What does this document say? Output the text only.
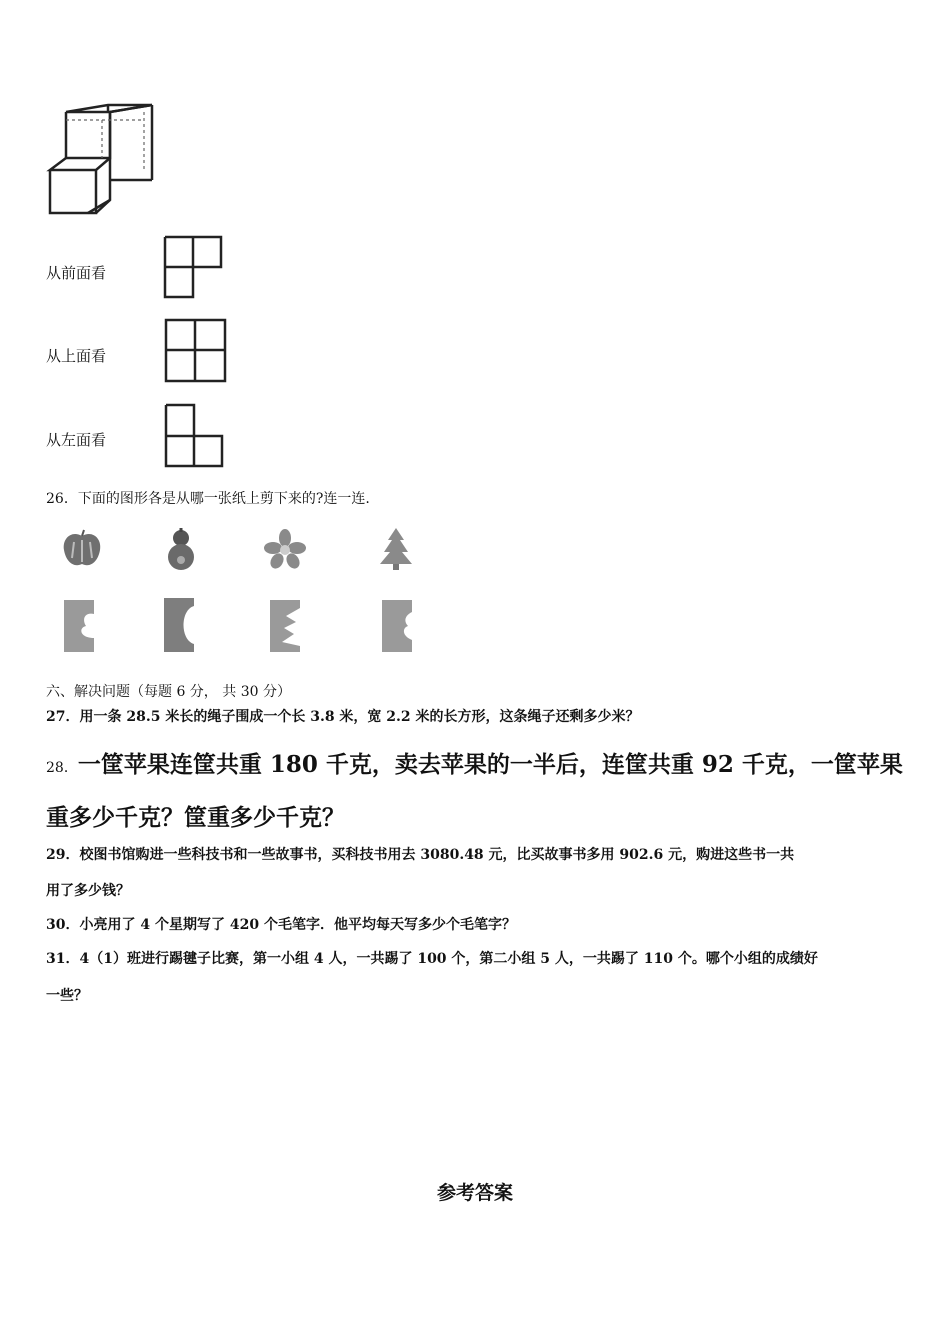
从前面看
从上面看
从左面看
26．下面的图形各是从哪一张纸上剪下来的?连一连.
六、解决问题（每题 6 分， 共 30 分）
27．用一条 28.5 米长的绳子围成一个长 3.8 米，宽 2.2 米的长方形，这条绳子还剩多少米？
28．一筐苹果连筐共重 180 千克，卖去苹果的一半后，连筐共重 92 千克，一筐苹果重多少千克？筐重多少千克？
29．校图书馆购进一些科技书和一些故事书，买科技书用去 3080.48 元，比买故事书多用 902.6 元，购进这些书一共
用了多少钱？
30．小亮用了 4 个星期写了 420 个毛笔字．他平均每天写多少个毛笔字？
31．4（1）班进行踢毽子比赛，第一小组 4 人，一共踢了 100 个，第二小组 5 人，一共踢了 110 个。哪个小组的成绩好
一些？
参考答案
